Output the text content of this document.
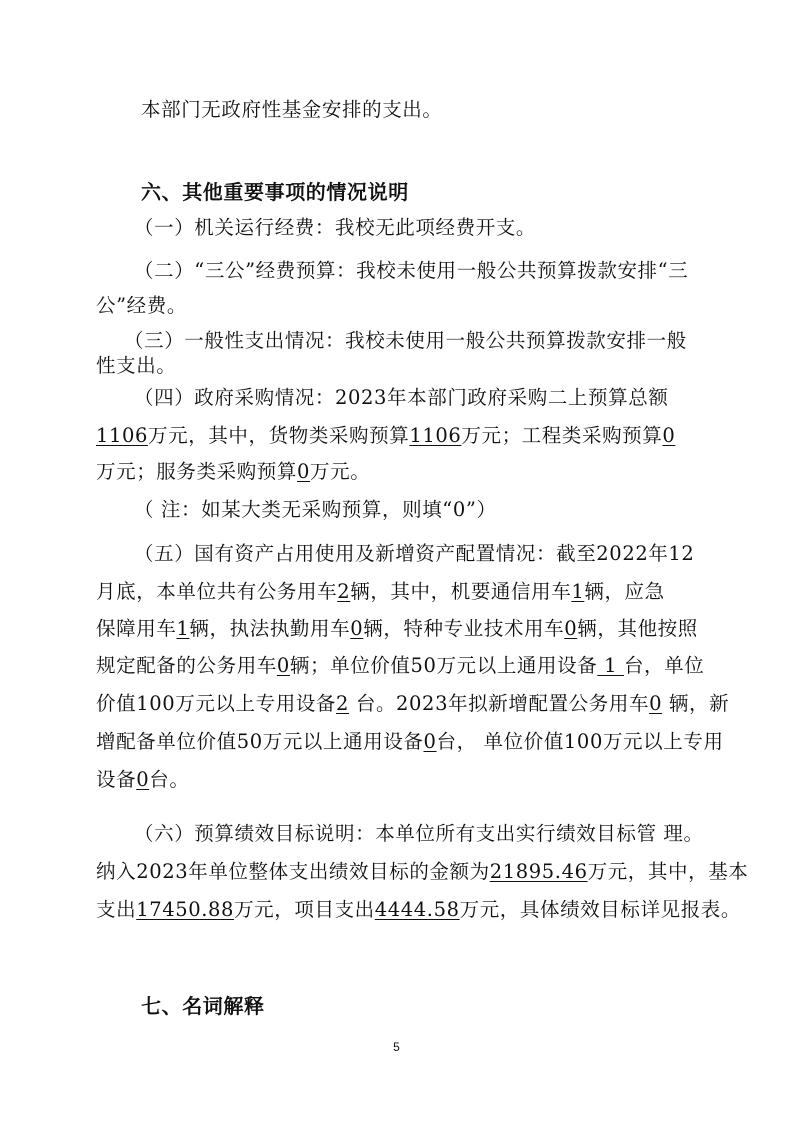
本部门无政府性基金安排的支出。
六、其他重要事项的情况说明
（一）机关运行经费：我校无此项经费开支。
（二）“三公”经费预算：我校未使用一般公共预算拨款安排“三
公”经费。
（三）一般性支出情况：我校未使用一般公共预算拨款安排一般
性支出。
（四）政府采购情况：2023年本部门政府采购二上预算总额
1106万元，其中，货物类采购预算1106万元；工程类采购预算0
万元；服务类采购预算0万元。
（ 注：如某大类无采购预算，则填“0”）
（五）国有资产占用使用及新增资产配置情况：截至2022年12
月底，本单位共有公务用车2辆，其中，机要通信用车1辆，应急
保障用车1辆，执法执勤用车0辆，特种专业技术用车0辆，其他按照
规定配备的公务用车0辆；单位价值50万元以上通用设备 1 台，单位
价值100万元以上专用设备2 台。2023年拟新增配置公务用车0 辆，新
增配备单位价值50万元以上通用设备0台， 单位价值100万元以上专用
设备0台。
（六）预算绩效目标说明：本单位所有支出实行绩效目标管 理。
纳入2023年单位整体支出绩效目标的金额为21895.46万元，其中，基本
支出17450.88万元，项目支出4444.58万元，具体绩效目标详见报表。
七、名词解释
5
